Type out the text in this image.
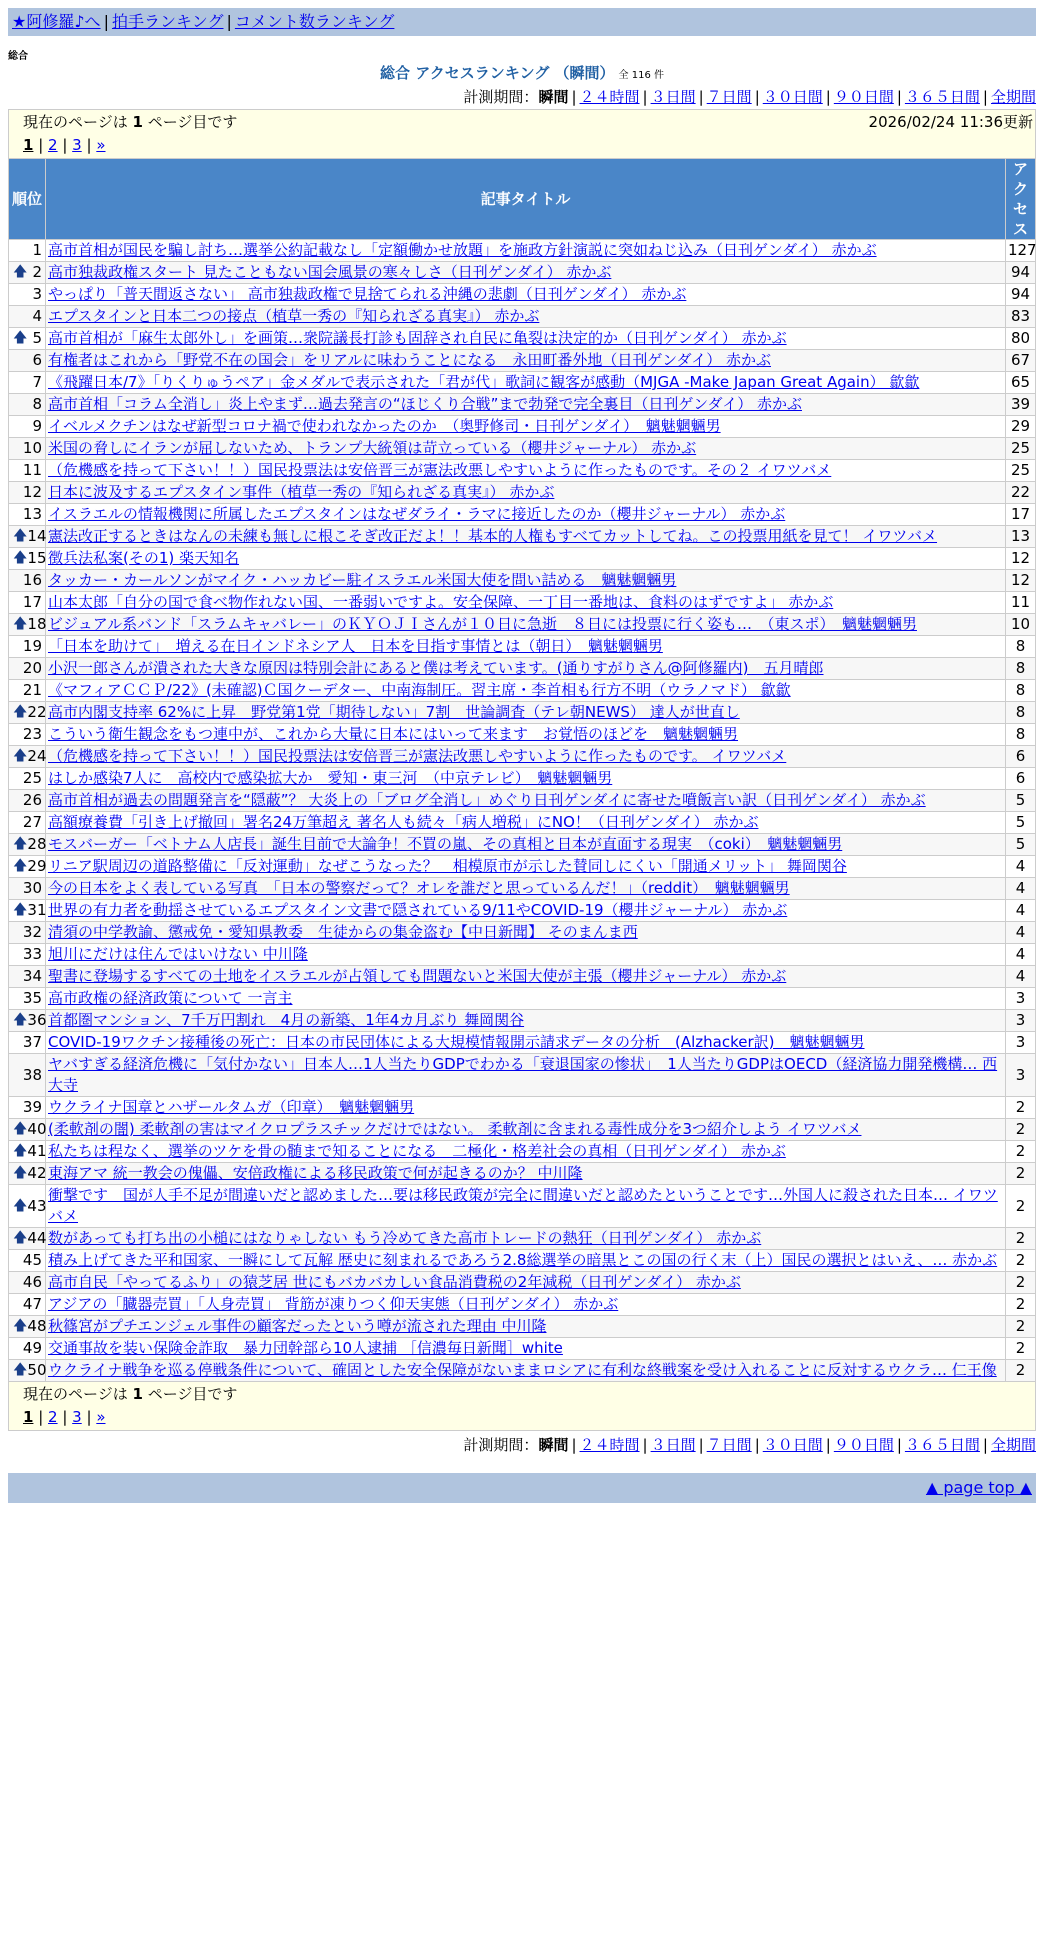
★阿修羅♪へ | 拍手ランキング | コメント数ランキング
総合
総合 アクセスランキング （瞬間） 全 116 件
計測期間：瞬間 | ２４時間 | ３日間 | ７日間 | ３０日間 | ９０日間 | ３６５日間 | 全期間
現在のページは 1 ページ目です 2026/02/24 11:36更新
1 | 2 | 3 | »		

順位	記事タイトル	アクセス
1	高市首相が国民を騙し討ち…選挙公約記載なし「定額働かせ放題」を施政方針演説に突如ねじ込み（日刊ゲンダイ） 赤かぶ	127

🡅 2	高市独裁政権スタート 見たこともない国会風景の寒々しさ（日刊ゲンダイ） 赤かぶ	94
3	やっぱり「普天間返さない」 高市独裁政権で見捨てられる沖縄の悲劇（日刊ゲンダイ） 赤かぶ	94
4	エプスタインと日本二つの接点（植草一秀の『知られざる真実』） 赤かぶ	83

🡅 5	高市首相が「麻生太郎外し」を画策…衆院議長打診も固辞され自民に亀裂は決定的か（日刊ゲンダイ） 赤かぶ	80
6	有権者はこれから「野党不在の国会」をリアルに味わうことになる　永田町番外地（日刊ゲンダイ） 赤かぶ	67
7	《飛躍日本/7》「りくりゅうペア」金メダルで表示された「君が代」歌詞に観客が感動（MJGA -Make Japan Great Again） 歙歙	65
8	高市首相「コラム全消し」炎上やまず…過去発言の“ほじくり合戦”まで勃発で完全裏目（日刊ゲンダイ） 赤かぶ	39
9	イベルメクチンはなぜ新型コロナ禍で使われなかったのか　（奥野修司・日刊ゲンダイ）　魑魅魍魎男	29
10	米国の脅しにイランが屈しないため、トランプ大統領は苛立っている（櫻井ジャーナル） 赤かぶ	25
11	（危機感を持って下さい！！）国民投票法は安倍晋三が憲法改悪しやすいように作ったものです。その２ イワツバメ	25
12	日本に波及するエプスタイン事件（植草一秀の『知られざる真実』） 赤かぶ	22
13	イスラエルの情報機関に所属したエプスタインはなぜダライ・ラマに接近したのか（櫻井ジャーナル） 赤かぶ	17

🡅 14	憲法改正するときはなんの未練も無しに根こそぎ改正だよ！！基本的人権もすべてカットしてね。この投票用紙を見て！ イワツバメ	13

🡅 15	徴兵法私案(その1) 楽天知名	12
16	タッカー・カールソンがマイク・ハッカビー駐イスラエル米国大使を問い詰める　魑魅魍魎男	12
17	山本太郎「自分の国で食べ物作れない国、一番弱いですよ。安全保障、一丁目一番地は、食料のはずですよ」 赤かぶ	11

🡅 18	ビジュアル系バンド「スラムキャバレー」のＫＹＯＪＩさんが１０日に急逝　８日には投票に行く姿も…　（東スポ）　魑魅魍魎男	10
19	「日本を助けて」　増える在日インドネシア人　日本を目指す事情とは（朝日）　魑魅魍魎男	8
20	小沢一郎さんが潰された大きな原因は特別会計にあると僕は考えています。(通りすがりさん@阿修羅内)　五月晴郎	8
21	《マフィアＣＣＰ/22》(未確認)Ｃ国クーデター、中南海制圧。習主席・李首相も行方不明（ウラノマド） 歙歙	8

🡅 22	高市内閣支持率 62%に上昇　野党第1党「期待しない」7割　世論調査（テレ朝NEWS） 達人が世直し	8
23	こういう衛生観念をもつ連中が、これから大量に日本にはいって来ます　お覚悟のほどを　魑魅魍魎男	8

🡅 24	（危機感を持って下さい！！）国民投票法は安倍晋三が憲法改悪しやすいように作ったものです。 イワツバメ	6
25	はしか感染7人に　高校内で感染拡大か　愛知・東三河　（中京テレビ）　魑魅魍魎男	6
26	高市首相が過去の問題発言を“隠蔽”？ 大炎上の「ブログ全消し」めぐり日刊ゲンダイに寄せた噴飯言い訳（日刊ゲンダイ） 赤かぶ	5
27	高額療養費「引き上げ撤回」署名24万筆超え 著名人も続々「病人増税」にNO！（日刊ゲンダイ） 赤かぶ	5

🡅 28	モスバーガー「ベトナム人店長」誕生目前で大論争！不買の嵐、その真相と日本が直面する現実　（coki）　魑魅魍魎男	5

🡅 29	リニア駅周辺の道路整備に「反対運動」なぜこうなった？　相模原市が示した賛同しにくい「開通メリット」 舞岡関谷	4
30	今の日本をよく表している写真　「日本の警察だって？オレを誰だと思っているんだ！」（reddit）　魑魅魍魎男	4

🡅 31	世界の有力者を動揺させているエプスタイン文書で隠されている9/11やCOVID-19（櫻井ジャーナル） 赤かぶ	4
32	清須の中学教諭、懲戒免・愛知県教委　生徒からの集金盗む【中日新聞】 そのまんま西	4
33	旭川にだけは住んではいけない 中川隆	4
34	聖書に登場するすべての土地をイスラエルが占領しても問題ないと米国大使が主張（櫻井ジャーナル） 赤かぶ	4
35	高市政権の経済政策について 一言主	3

🡅 36	首都圏マンション、7千万円割れ　4月の新築、1年4カ月ぶり 舞岡関谷	3
37	COVID-19ワクチン接種後の死亡：日本の市民団体による大規模情報開示請求データの分析　(Alzhacker訳)　魑魅魍魎男	3
38	ヤバすぎる経済危機に「気付かない」日本人…1人当たりGDPでわかる「衰退国家の惨状」　1人当たりGDPはOECD（経済協力開発機構… 西大寺	3
39	ウクライナ国章とハザールタムガ（印章）　魑魅魍魎男	2

🡅 40	(柔軟剤の闇) 柔軟剤の害はマイクロプラスチックだけではない。 柔軟剤に含まれる毒性成分を3つ紹介しよう イワツバメ	2

🡅 41	私たちは程なく、選挙のツケを骨の髄まで知ることになる　二極化・格差社会の真相（日刊ゲンダイ） 赤かぶ	2

🡅 42	東海アマ 統一教会の傀儡、安倍政権による移民政策で何が起きるのか？ 中川隆	2

🡅 43	衝撃です　国が人手不足が間違いだと認めました…要は移民政策が完全に間違いだと認めたということです…外国人に殺された日本… イワツバメ	2

🡅 44	数があっても打ち出の小槌にはなりゃしない もう冷めてきた高市トレードの熱狂（日刊ゲンダイ） 赤かぶ	2
45	積み上げてきた平和国家、一瞬にして瓦解 歴史に刻まれるであろう2.8総選挙の暗黒とこの国の行く末（上）国民の選択とはいえ、… 赤かぶ	2
46	高市自民「やってるふり」の猿芝居 世にもバカバカしい食品消費税の2年減税（日刊ゲンダイ） 赤かぶ	2
47	アジアの「臓器売買」「人身売買」 背筋が凍りつく仰天実態（日刊ゲンダイ） 赤かぶ	2

🡅 48	秋篠宮がプチエンジェル事件の顧客だったという噂が流された理由 中川隆	2
49	交通事故を装い保険金詐取　暴力団幹部ら10人逮捕 ［信濃毎日新聞］white	2

🡅 50	ウクライナ戦争を巡る停戦条件について、確固とした安全保障がないままロシアに有利な終戦案を受け入れることに反対するウクラ… 仁王像	2

現在のページは 1 ページ目です
1 | 2 | 3 | »		
計測期間：瞬間 | ２４時間 | ３日間 | ７日間 | ３０日間 | ９０日間 | ３６５日間 | 全期間
▲ page top ▲
